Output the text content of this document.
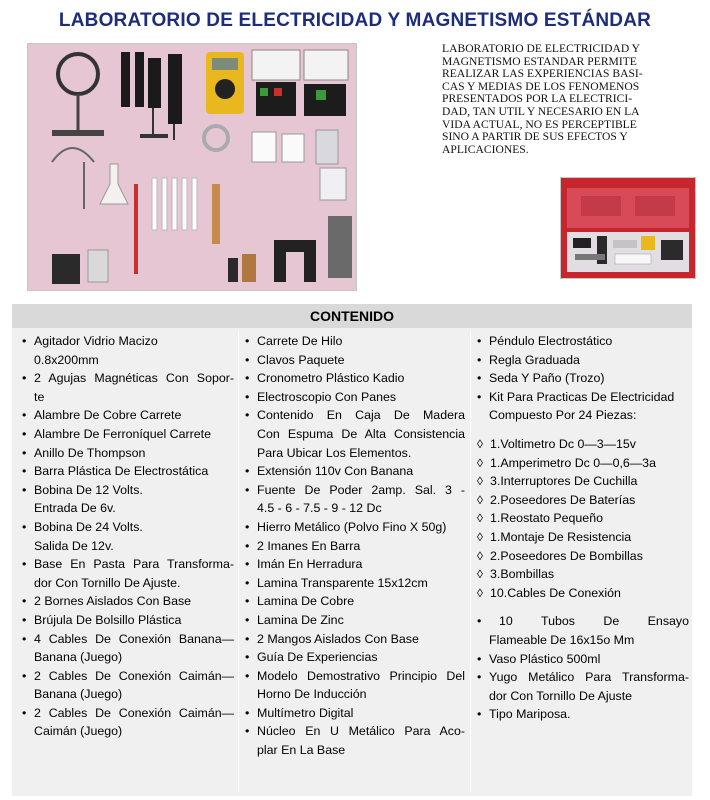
LABORATORIO DE ELECTRICIDAD Y MAGNETISMO ESTÁNDAR
LABORATORIO DE ELECTRICIDAD Y
MAGNETISMO ESTANDAR PERMITE
REALIZAR LAS EXPERIENCIAS BASI-
CAS Y MEDIAS DE LOS FENOMENOS
PRESENTADOS POR LA ELECTRICI-
DAD, TAN UTIL Y NECESARIO EN LA
VIDA ACTUAL, NO ES PERCEPTIBLE
SINO A PARTIR DE SUS EFECTOS Y
APLICACIONES.
CONTENIDO
• Agitador Vidrio Macizo
0.8x200mm
• 2 Agujas Magnéticas Con Sopor-
te
• Alambre De Cobre Carrete
• Alambre De Ferroníquel Carrete
• Anillo De Thompson
• Barra Plástica De Electrostática
• Bobina De 12 Volts.
Entrada De 6v.
• Bobina De 24 Volts.
Salida De 12v.
• Base En Pasta Para Transforma-
dor Con Tornillo De Ajuste.
• 2 Bornes Aislados Con Base
• Brújula De Bolsillo Plástica
• 4 Cables De Conexión Banana—
Banana (Juego)
• 2 Cables De Conexión Caimán—
Banana (Juego)
• 2 Cables De Conexión Caimán—
Caimán (Juego)
• Carrete De Hilo
• Clavos Paquete
• Cronometro Plástico Kadio
• Electroscopio Con Panes
• Contenido En Caja De Madera
Con Espuma De Alta Consistencia
Para Ubicar Los Elementos.
• Extensión 110v Con Banana
• Fuente De Poder 2amp. Sal. 3 -
4.5 - 6 - 7.5 - 9 - 12 Dc
• Hierro Metálico (Polvo Fino X 50g)
• 2 Imanes En Barra
• Imán En Herradura
• Lamina Transparente 15x12cm
• Lamina De Cobre
• Lamina De Zinc
• 2 Mangos Aislados Con Base
• Guía De Experiencias
• Modelo Demostrativo Principio Del
Horno De Inducción
• Multímetro Digital
• Núcleo En U Metálico Para Aco-
plar En La Base
• Péndulo Electrostático
• Regla Graduada
• Seda Y Paño (Trozo)
• Kit Para Practicas De Electricidad
Compuesto Por 24 Piezas:
◊ 1.Voltimetro Dc 0—3—15v
◊ 1.Amperimetro Dc 0—0,6—3a
◊ 3.Interruptores De Cuchilla
◊ 2.Poseedores De Baterías
◊ 1.Reostato Pequeño
◊ 1.Montaje De Resistencia
◊ 2.Poseedores De Bombillas
◊ 3.Bombillas
◊ 10.Cables De Conexión
• 10 Tubos De Ensayo
Flameable De 16x15o Mm
• Vaso Plástico 500ml
• Yugo Metálico Para Transforma-
dor Con Tornillo De Ajuste
• Tipo Mariposa.
